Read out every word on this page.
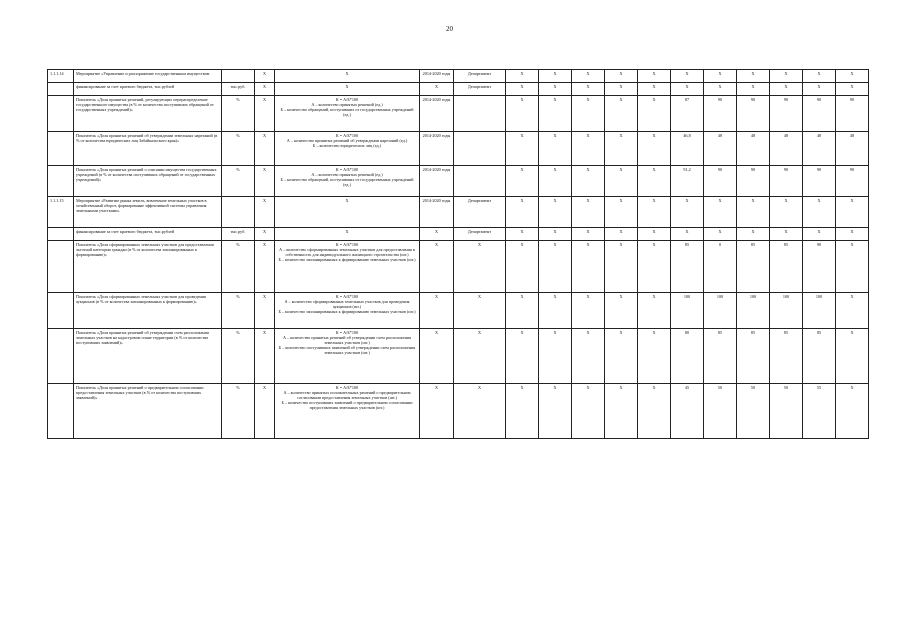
20
1.1.1.14	Мероприятие «Управление и распоряжение государственным имуществом		X	X	2014-2020 годы	Департамент	X	X	X	X	X	X	X	X	X	X	X
	финансирование за счет краевого бюджета, тыс.рублей	тыс.руб.	X	X	X	Департамент	X	X	X	X	X	X	X	X	X	X	X
	Показатель «Доля принятых решений, регулирующих перераспределение государственного имущества (в % от количества поступивших обращений от государственных учреждений)»	%	X	К = А/Б*100
А – количество принятых решений (ед.)
Б – количество обращений, поступивших от государственных учреждений (ед.)	2014-2020 годы		X	X	X	X	X	87	90	90	90	90	90
	Показатель «Доля принятых решений об утверждении земельных нарезаний (в % от количества юридических лиц Забайкальского края)»	%	X	К = А/Б*100
А – количество принятых решений об утверждении нарезаний (ед.)
Б – количество юридических лиц (ед.)	2014-2020 годы		X	X	X	X	X	46,8	48	48	48	48	48
	Показатель «Доля принятых решений о списании имущества государственных учреждений (в % от количества поступивших обращений от государственных учреждений)»	%	X	К = А/Б*100
А – количество принятых решений (ед.)
Б – количество обращений, поступивших от государственных учреждений (ед.)	2014-2020 годы		X	X	X	X	X	91,2	90	90	90	90	90
1.1.1.15	Мероприятие «Развитие рынка земель, вовлечение земельных участков в хозяйственный оборот, формирование эффективной системы управления земельными участками»		X	X	2014-2020 годы	Департамент	X	X	X	X	X	X	X	X	X	X	X
	финансирование за счет краевого бюджета, тыс.рублей	тыс.руб.	X	X	X	Департамент	X	X	X	X	X	X	X	X	X	X	X
	Показатель «Доля сформированных земельных участков для предоставления льготной категории граждан (в % от количества запланированных к формированию)»	%	X	К = А/Б*100
А – количество сформированных земельных участков для предоставления в собственность для индивидуального жилищного строительства (шт.)
Б – количество запланированных к формированию земельных участков (шт.)	X	X	X	X	X	X	X	85	0	85	85	90	X
	Показатель «Доля сформированных земельных участков для проведения аукционов (в % от количества запланированных к формированию)»	%	X	К = А/Б*100
А – количество сформированных земельных участков для проведения аукционов (шт.)
Б – количество запланированных к формированию земельных участков (шт.)	X	X	X	X	X	X	X	100	100	100	100	100	X
	Показатель «Доля принятых решений об утверждении схем расположения земельных участков на кадастровом плане территории (в % от количества поступивших заявлений)»	%	X	К = А/Б*100
А – количество принятых решений об утверждении схем расположения земельных участков (шт.)
Б – количество поступивших заявлений об утверждении схем расположения земельных участков (шт.)	X	X	X	X	X	X	X	80	85	85	85	85	X
	Показатель «Доля принятых решений о предварительном согласовании предоставления земельных участков (в % от количества поступивших заявлений)»	%	X	К = А/Б*100
А – количество принятых положительных решений о предварительном согласовании предоставления земельных участков (шт.)
Б – количество поступивших заявлений о предварительном согласовании предоставления земельных участков (шт.)	X	X	X	X	X	X	X	45	50	50	50	55	X
